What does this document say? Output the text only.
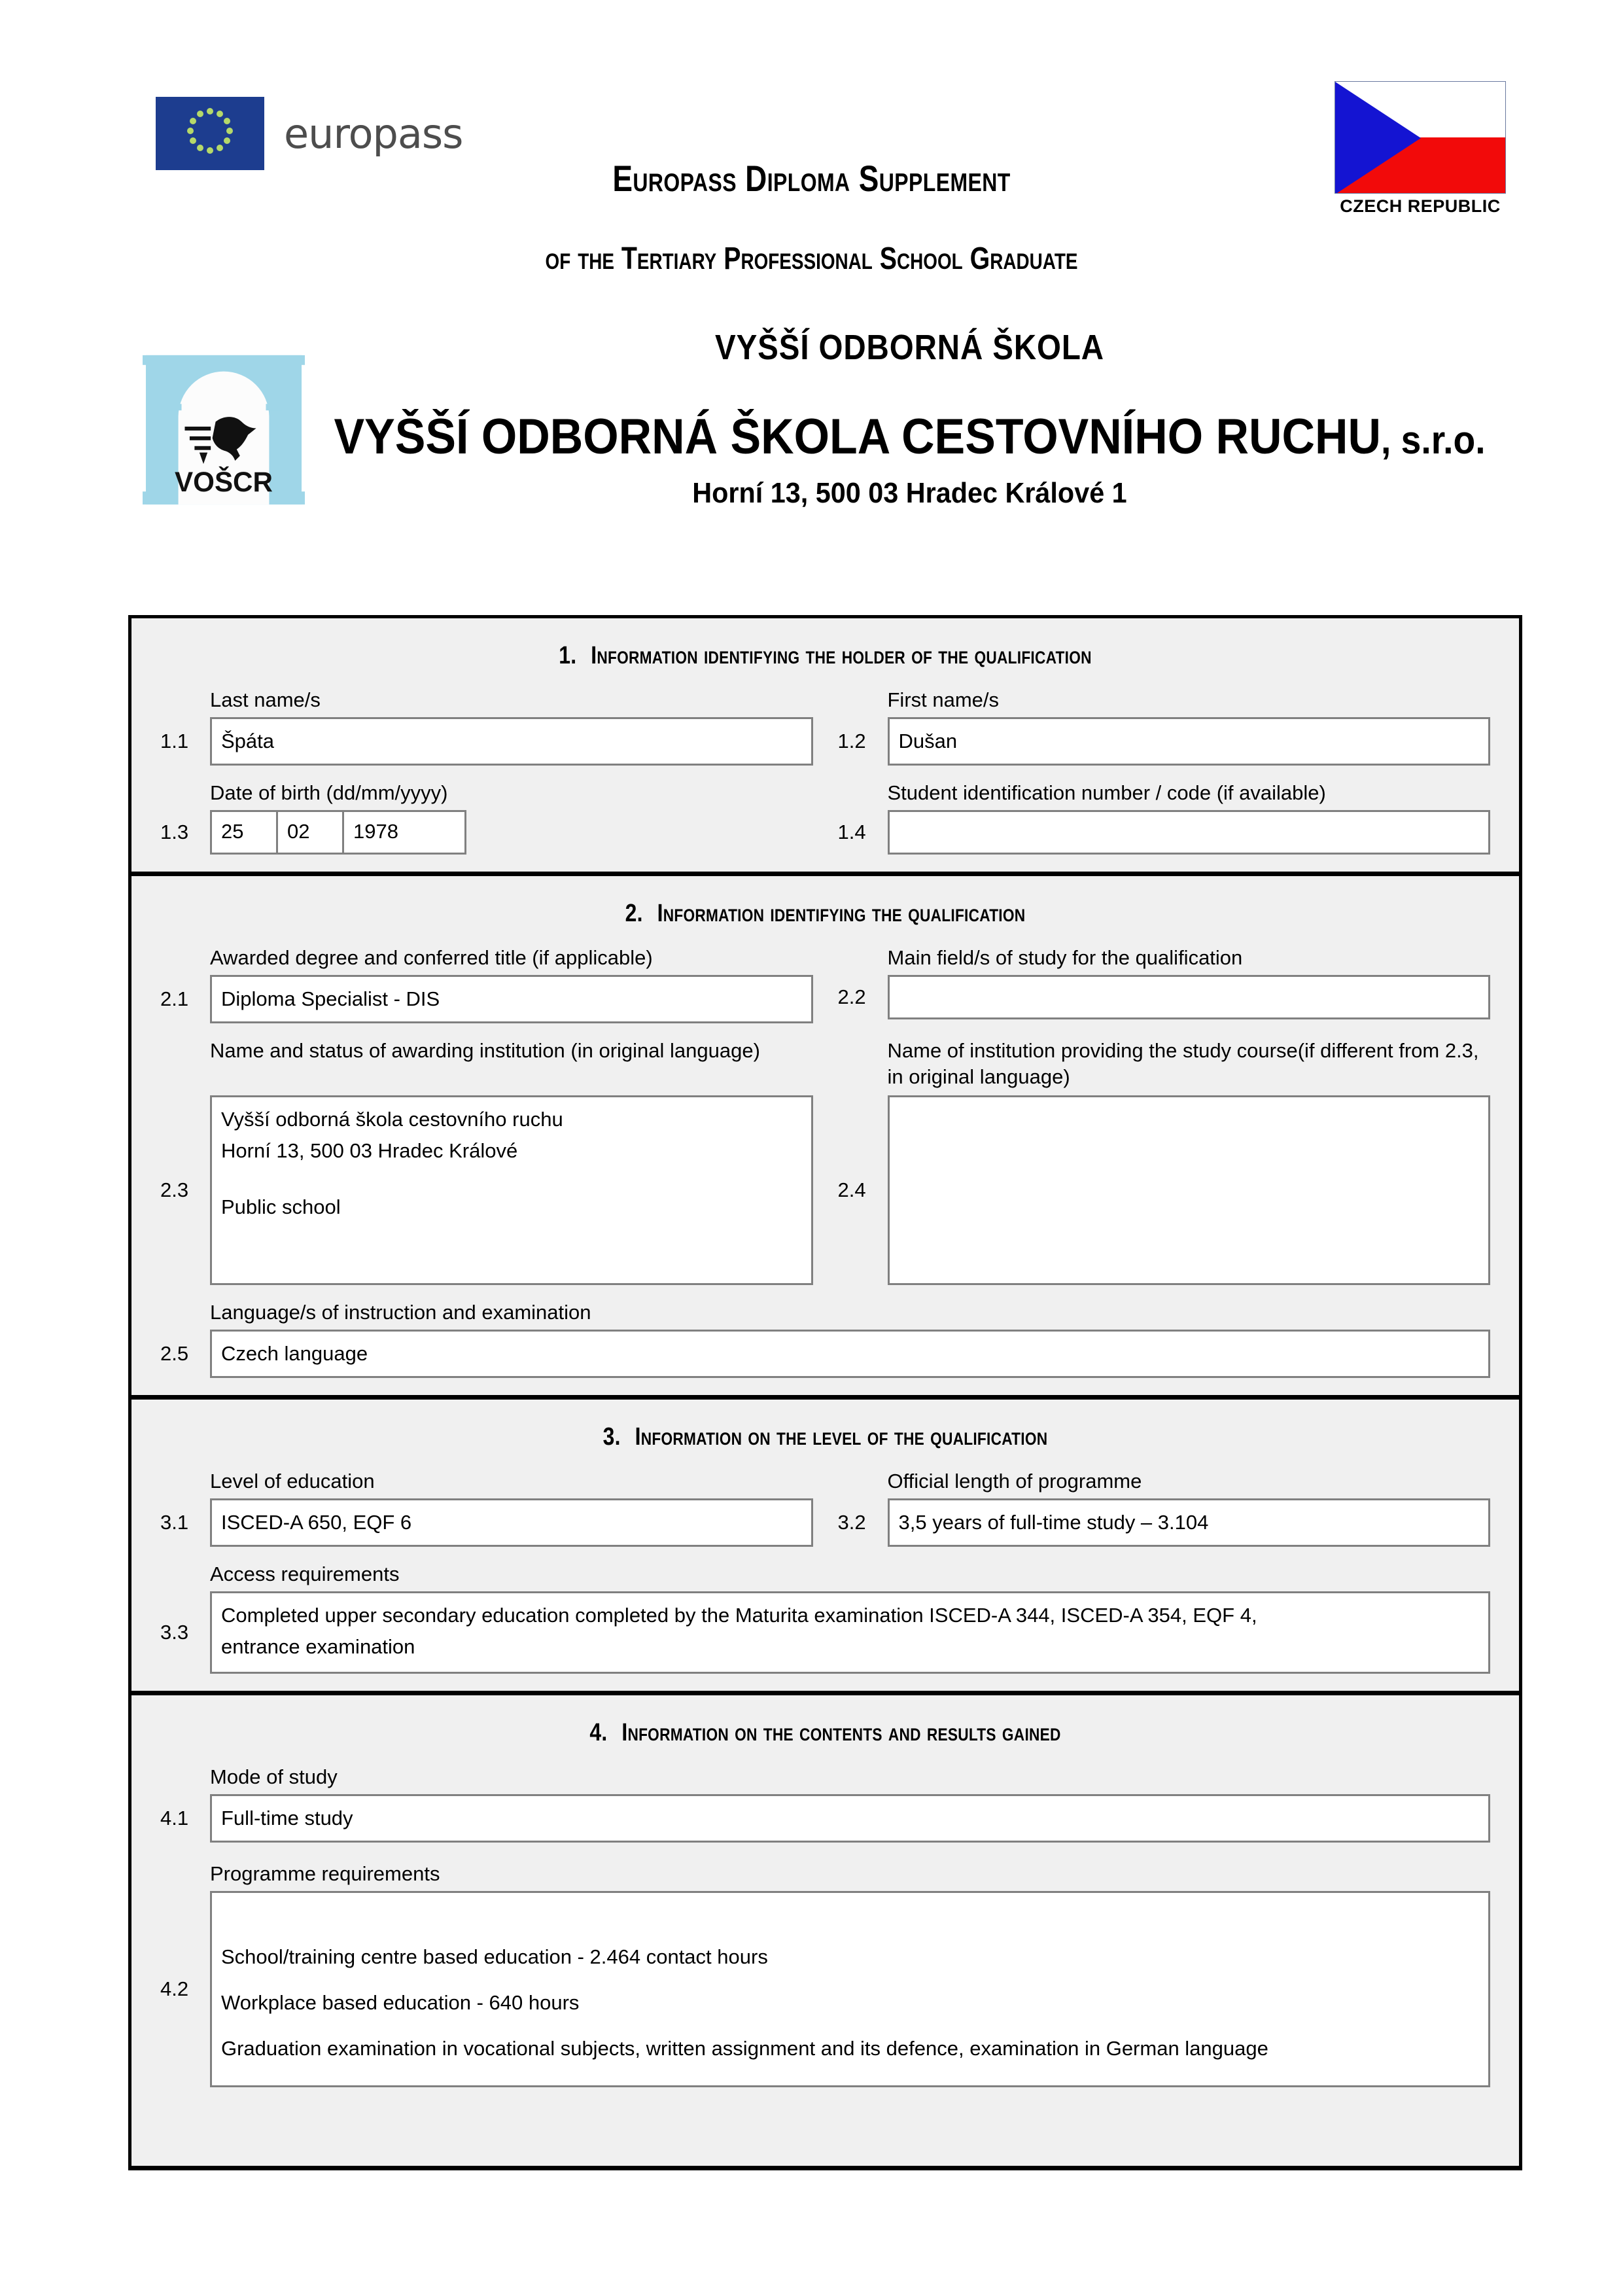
europass
CZECH REPUBLIC
Europass Diploma Supplement
of the Tertiary Professional School Graduate
VOŠCR
VYŠŠÍ ODBORNÁ ŠKOLA
VYŠŠÍ ODBORNÁ ŠKOLA CESTOVNÍHO RUCHU, s.r.o.
Horní 13, 500 03 Hradec Králové 1
1. Information identifying the holder of the qualification
Last name/s
1.1	Špáta
First name/s
1.2	Dušan
Date of birth (dd/mm/yyyy)
1.3	25	02	1978
Student identification number / code (if available)
1.4
2. Information identifying the qualification
Awarded degree and conferred title (if applicable)
2.1	Diploma Specialist - DIS
Main field/s of study for the qualification
2.2
Name and status of awarding institution (in original language)
2.3

Vyšší odborná škola cestovního ruchu

Horní 13, 500 03 Hradec Králové

Public school

Name of institution providing the study course(if different from 2.3, in original language)
2.4
Language/s of instruction and examination
2.5	Czech language
3. Information on the level of the qualification
Level of education
3.1	ISCED-A 650, EQF 6
Official length of programme
3.2	3,5 years of full-time study – 3.104
Access requirements
3.3

Completed upper secondary education completed by the Maturita examination ISCED-A 344, ISCED-A 354, EQF 4,

entrance examination

4. Information on the contents and results gained
Mode of study
4.1	Full-time study
Programme requirements
4.2

School/training centre based education - 2.464 contact hours

Workplace based education - 640 hours

Graduation examination in vocational subjects, written assignment and its defence, examination in German language
